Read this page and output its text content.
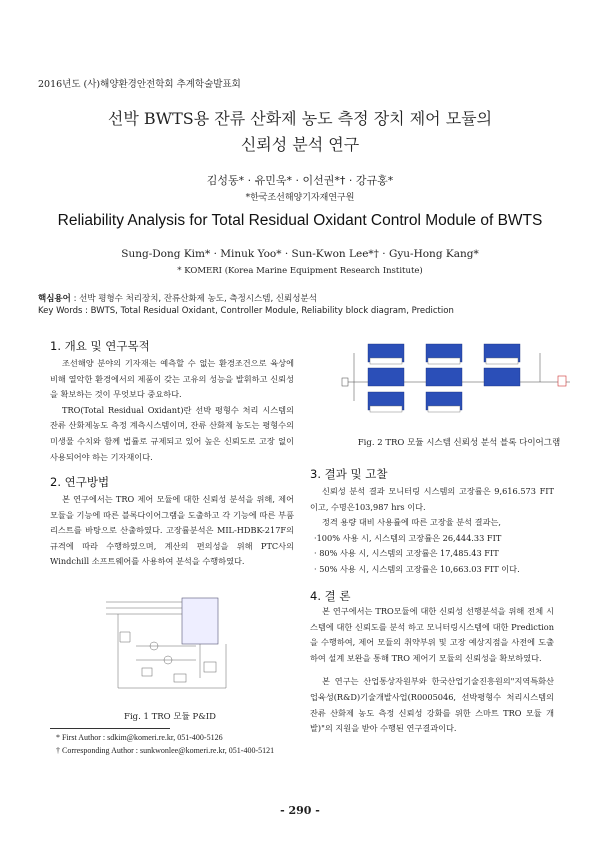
2016년도 (사)해양환경안전학회 추계학술발표회
선박 BWTS용 잔류 산화제 농도 측정 장치 제어 모듈의
신뢰성 분석 연구
김성동* · 유민욱* · 이선권*† · 강규홍*
*한국조선해양기자재연구원
Reliability Analysis for Total Residual Oxidant Control Module of BWTS
Sung-Dong Kim* · Minuk Yoo* · Sun-Kwon Lee*† · Gyu-Hong Kang*
* KOMERI (Korea Marine Equipment Research Institute)
핵심용어 : 선박 평형수 처리장치, 잔류산화제 농도, 측정시스템, 신뢰성분석
Key Words : BWTS, Total Residual Oxidant, Controller Module, Reliability block diagram, Prediction
1. 개요 및 연구목적

조선해양 분야의 기자재는 예측할 수 없는 환경조건으로 육상에 비해 열악한 환경에서의 제품이 갖는 고유의 성능을 발휘하고 신뢰성을 확보하는 것이 무엇보다 중요하다.

TRO(Total Residual Oxidant)란 선박 평형수 처리 시스템의 잔류 산화제농도 측정 계측시스템이며, 잔류 산화제 농도는 평형수의 미생물 수치와 함께 법률로 규제되고 있어 높은 신뢰도로 고장 없이 사용되어야 하는 기자재이다.

2. 연구방법

본 연구에서는 TRO 제어 모듈에 대한 신뢰성 분석을 위해, 제어 모듈을 기능에 따른 블록다이어그램을 도출하고 각 기능에 따른 부품 리스트를 바탕으로 산출하였다. 고장률분석은 MIL-HDBK-217F의 규격에 따라 수행하였으며, 계산의 편의성을 위해 PTC사의 Windchill 소프트웨어를 사용하여 분석을 수행하였다.

Fig. 1 TRO 모듈 P&ID
* First Author : sdkim@komeri.re.kr, 051-400-5126
† Corresponding Author : sunkwonlee@komeri.re.kr, 051-400-5121
Fig. 2 TRO 모듈 시스템 신뢰성 분석 블록 다이어그램
3. 결과 및 고찰

신뢰성 분석 결과 모니터링 시스템의 고장률은 9,616.573 FIT 이고, 수명은103,987 hrs 이다.

정격 용량 대비 사용률에 따른 고장율 분석 결과는,

·100% 사용 시, 시스템의 고장률은 26,444.33 FIT
· 80% 사용 시, 시스템의 고장률은 17,485.43 FIT
· 50% 사용 시, 시스템의 고장률은 10,663.03 FIT 이다.
4. 결 론

본 연구에서는 TRO모듈에 대한 신뢰성 선행분석을 위해 전체 시스템에 대한 신뢰도를 분석 하고 모니터링시스템에 대한 Prediction을 수행하여, 제어 모듈의 취약부위 및 고장 예상지점을 사전에 도출 하여 설계 보완을 통해 TRO 제어기 모듈의 신뢰성을 확보하였다.

본 연구는 산업통상자원부와 한국산업기술진흥원의"지역특화산업육성(R&D)기술개발사업(R0005046, 선박평형수 처리시스템의 잔류 산화제 농도 측정 신뢰성 강화를 위한 스마트 TRO 모듈 개발)"의 지원을 받아 수행된 연구결과이다.

- 290 -
